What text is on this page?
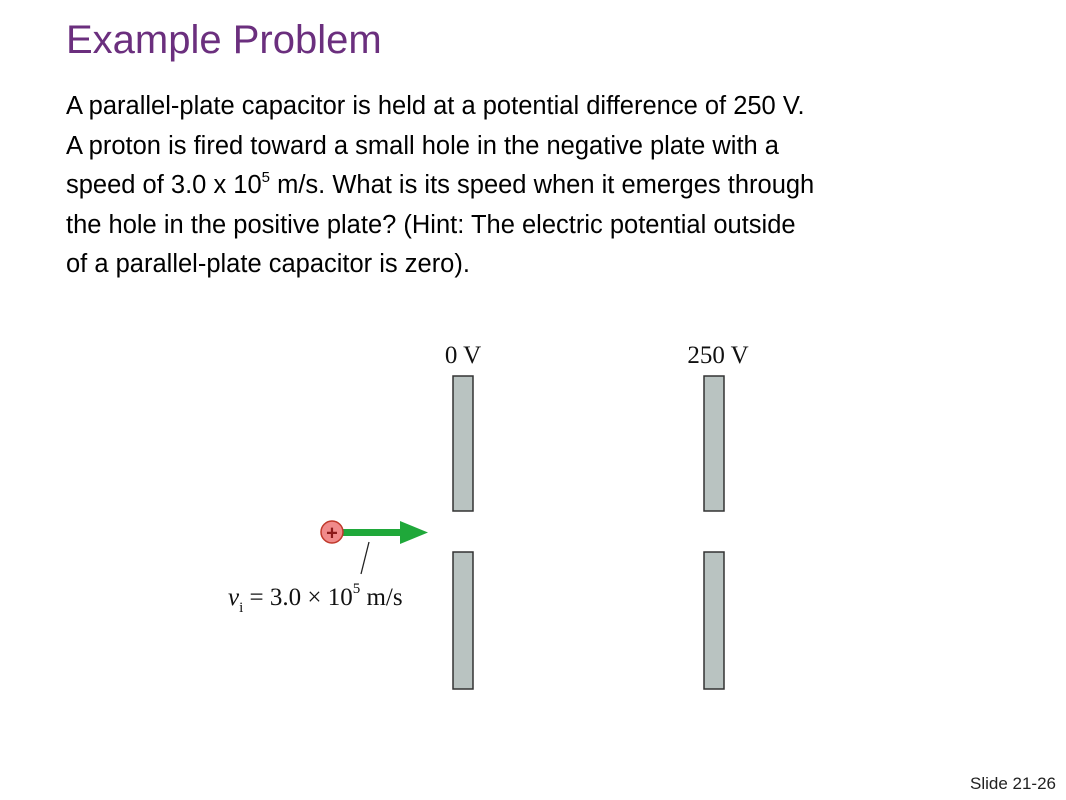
Example Problem

A parallel-plate capacitor is held at a potential difference of 250 V.
A proton is fired toward a small hole in the negative plate with a
speed of 3.0 x $10^5$ m/s. What is its speed when it emerges through
the hole in the positive plate? (Hint: The electric potential outside
of a parallel-plate capacitor is zero).

0 V	250 V
+
$v_i = 3.0 \times 10^5$ m/s
Slide 21-26
